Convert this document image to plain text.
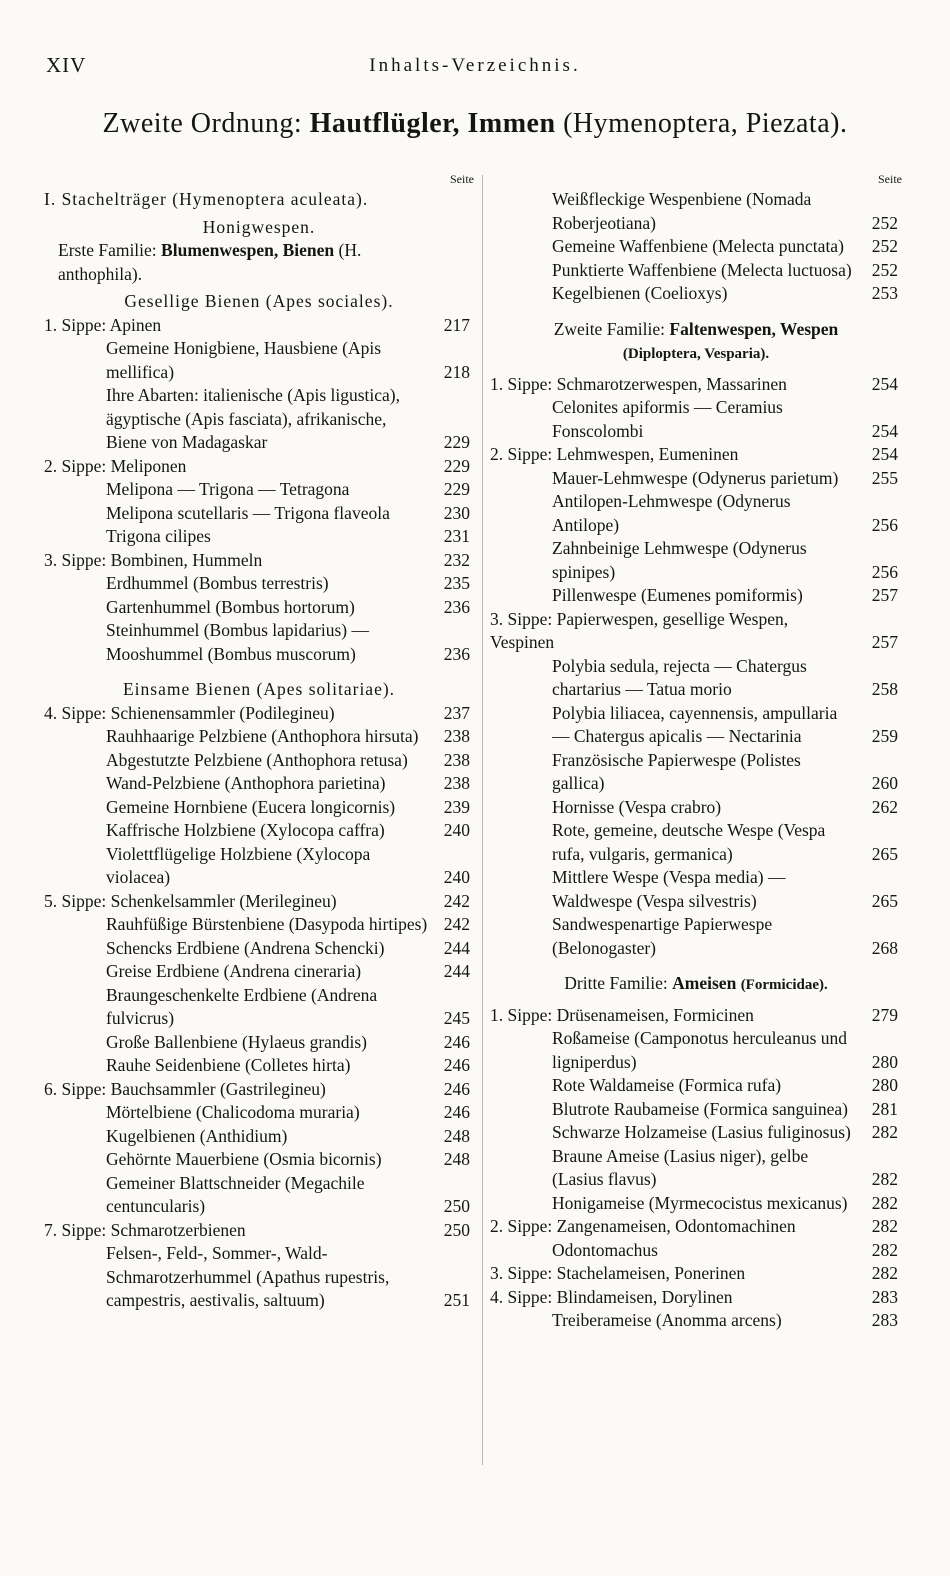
XIV	Inhalts-Verzeichnis.
Zweite Ordnung: Hautflügler, Immen (Hymenoptera, Piezata).
Seite
I. Stachelträger (Hymenoptera aculeata).
Honigwespen.
Erste Familie: Blumenwespen, Bienen (H. anthophila).
Gesellige Bienen (Apes sociales).
1. Sippe: Apinen	217
Gemeine Honigbiene, Hausbiene (Apis mellifica)	218
Ihre Abarten: italienische (Apis ligustica), ägyptische (Apis fasciata), afrikanische, Biene von Madagaskar	229
2. Sippe: Meliponen	229
Melipona — Trigona — Tetragona	229
Melipona scutellaris — Trigona flaveola	230
Trigona cilipes	231
3. Sippe: Bombinen, Hummeln	232
Erdhummel (Bombus terrestris)	235
Gartenhummel (Bombus hortorum)	236
Steinhummel (Bombus lapidarius) — Mooshummel (Bombus muscorum)	236
Einsame Bienen (Apes solitariae).
4. Sippe: Schienensammler (Podilegineu)	237
Rauhhaarige Pelzbiene (Anthophora hirsuta)	238
Abgestutzte Pelzbiene (Anthophora retusa)	238
Wand-Pelzbiene (Anthophora parietina)	238
Gemeine Hornbiene (Eucera longicornis)	239
Kaffrische Holzbiene (Xylocopa caffra)	240
Violettflügelige Holzbiene (Xylocopa violacea)	240
5. Sippe: Schenkelsammler (Merilegineu)	242
Rauhfüßige Bürstenbiene (Dasypoda hirtipes) 242
Schencks Erdbiene (Andrena Schencki)	244
Greise Erdbiene (Andrena cineraria)	244
Braungeschenkelte Erdbiene (Andrena fulvicrus)	245
Große Ballenbiene (Hylaeus grandis)	246
Rauhe Seidenbiene (Colletes hirta)	246
6. Sippe: Bauchsammler (Gastrilegineu)	246
Mörtelbiene (Chalicodoma muraria)	246
Kugelbienen (Anthidium)	248
Gehörnte Mauerbiene (Osmia bicornis)	248
Gemeiner Blattschneider (Megachile centuncularis)	250
7. Sippe: Schmarotzerbienen	250
Felsen-, Feld-, Sommer-, Wald-Schmarotzerhummel (Apathus rupestris, campestris, aestivalis, saltuum)	251
Seite
Weißfleckige Wespenbiene (Nomada Roberjeotiana)	252
Gemeine Waffenbiene (Melecta punctata)	252
Punktierte Waffenbiene (Melecta luctuosa)	252
Kegelbienen (Coelioxys)	253
Zweite Familie: Faltenwespen, Wespen
(Diploptera, Vesparia).
1. Sippe: Schmarotzerwespen, Massarinen	254
Celonites apiformis — Ceramius Fonscolombi	254
2. Sippe: Lehmwespen, Eumeninen	254
Mauer-Lehmwespe (Odynerus parietum)	255
Antilopen-Lehmwespe (Odynerus Antilope)	256
Zahnbeinige Lehmwespe (Odynerus spinipes)	256
Pillenwespe (Eumenes pomiformis)	257
3. Sippe: Papierwespen, gesellige Wespen, Vespinen	257
Polybia sedula, rejecta — Chatergus chartarius — Tatua morio	258
Polybia liliacea, cayennensis, ampullaria — Chatergus apicalis — Nectarinia	259
Französische Papierwespe (Polistes gallica)	260
Hornisse (Vespa crabro)	262
Rote, gemeine, deutsche Wespe (Vespa rufa, vulgaris, germanica)	265
Mittlere Wespe (Vespa media) — Waldwespe (Vespa silvestris)	265
Sandwespenartige Papierwespe (Belonogaster)	268
Dritte Familie: Ameisen (Formicidae).
1. Sippe: Drüsenameisen, Formicinen	279
Roßameise (Camponotus herculeanus und ligniperdus)	280
Rote Waldameise (Formica rufa)	280
Blutrote Raubameise (Formica sanguinea)	281
Schwarze Holzameise (Lasius fuliginosus)	282
Braune Ameise (Lasius niger), gelbe (Lasius flavus)	282
Honigameise (Myrmecocistus mexicanus)	282
2. Sippe: Zangenameisen, Odontomachinen	282
Odontomachus	282
3. Sippe: Stachelameisen, Ponerinen	282
4. Sippe: Blindameisen, Dorylinen	283
Treiberameise (Anomma arcens)	283
